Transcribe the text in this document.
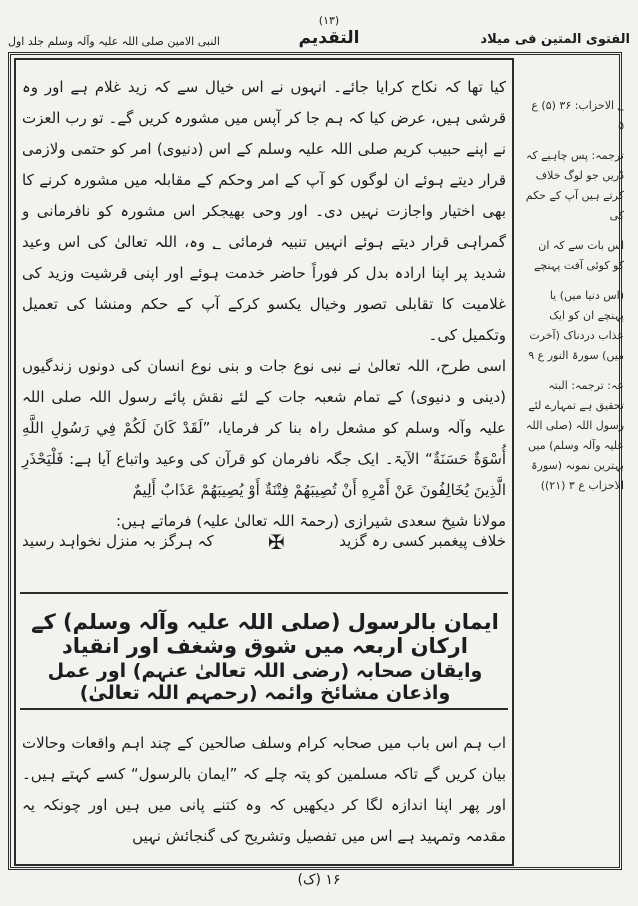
الفتوی المتین فی میلاد
(۱۳)
التقدیم
النبی الامین صلی اللہ علیہ وآلہ وسلم جلد اول

کیا تھا کہ نکاح کرایا جائے۔ انہوں نے اس خیال سے کہ زید غلام ہے اور وہ قرشی ہیں، عرض کیا کہ ہم جا کر آپس میں مشورہ کریں گے۔ تو رب العزت نے اپنے حبیب کریم صلی اللہ علیہ وسلم کے اس (دنیوی) امر کو حتمی ولازمی قرار دیتے ہوئے ان لوگوں کو آپ کے امر وحکم کے مقابلہ میں مشورہ کرنے کا بھی اختیار واجازت نہیں دی۔ اور وحی بھیجکر اس مشورہ کو نافرمانی و گمراہی قرار دیتے ہوئے انہیں تنبیہ فرمائی ؂ وہ، اللہ تعالیٰ کی اس وعید شدید پر اپنا ارادہ بدل کر فوراً حاضر خدمت ہوئے اور اپنی قرشیت وزید کی غلامیت کا تقابلی تصور وخیال یکسو کرکے آپ کے حکم ومنشا کی تعمیل وتکمیل کی۔

اسی طرح، اللہ تعالیٰ نے نبی نوع جات و بنی نوع انسان کی دونوں زندگیوں (دینی و دنیوی) کے تمام شعبہ جات کے لئے نقش پائے رسول اللہ صلی اللہ علیہ وآلہ وسلم کو مشعل راہ بنا کر فرمایا، ”لَقَدْ كَانَ لَكُمْ فِي رَسُولِ اللَّهِ أُسْوَةٌ حَسَنَةٌ“ الآیۃ۔ ایک جگہ نافرمان کو قرآن کی وعید واتباع آیا ہے: فَلْيَحْذَرِ الَّذِينَ يُخَالِفُونَ عَنْ أَمْرِهِ أَنْ تُصِيبَهُمْ فِتْنَةٌ أَوْ يُصِيبَهُمْ عَذَابٌ أَلِيمٌ

مولانا شیخ سعدی شیرازی (رحمۃ اللہ تعالیٰ علیہ) فرماتے ہیں:

خلاف پیغمبر کسی رہ گزید
✠
کہ ہرگز بہ منزل نخواہد رسید
ایمان بالرسول (صلی اللہ علیہ وآلہ وسلم) کے ارکان اربعہ میں شوق وشغف اور انقیاد
وایقان صحابہ (رضی اللہ تعالیٰ عنہم) اور عمل واذعان مشائخ وائمہ (رحمہم اللہ تعالیٰ)

اب ہم اس باب میں صحابہ کرام وسلف صالحین کے چند اہم واقعات وحالات بیان کریں گے تاکہ مسلمین کو پتہ چلے کہ ”ایمان بالرسول“ کسے کہتے ہیں۔ اور پھر اپنا اندازہ لگا کر دیکھیں کہ وہ کتنے پانی میں ہیں اور چونکہ یہ مقدمہ وتمہید ہے اس میں تفصیل وتشریح کی گنجائش نہیں

؂ الاحزاب: ۳۶ (۵) ع ۵
ترجمہ: پس چاہیے کہ ڈریں جو لوگ خلاف کرتے ہیں آپ کے حکم کی
اس بات سے کہ ان کو کوئی آفت پہنچے
(اس دنیا میں) یا پہنچے ان کو ایک عذاب دردناک (آخرت میں) سورۃ النور ع ۹
عہ: ترجمہ: البتہ تحقیق ہے تمہارے لئے رسول اللہ (صلی اللہ علیہ وآلہ وسلم) میں بہترین نمونہ (سورۃ الاحزاب ع ۳ (۲۱))
۱۶ (ک)
